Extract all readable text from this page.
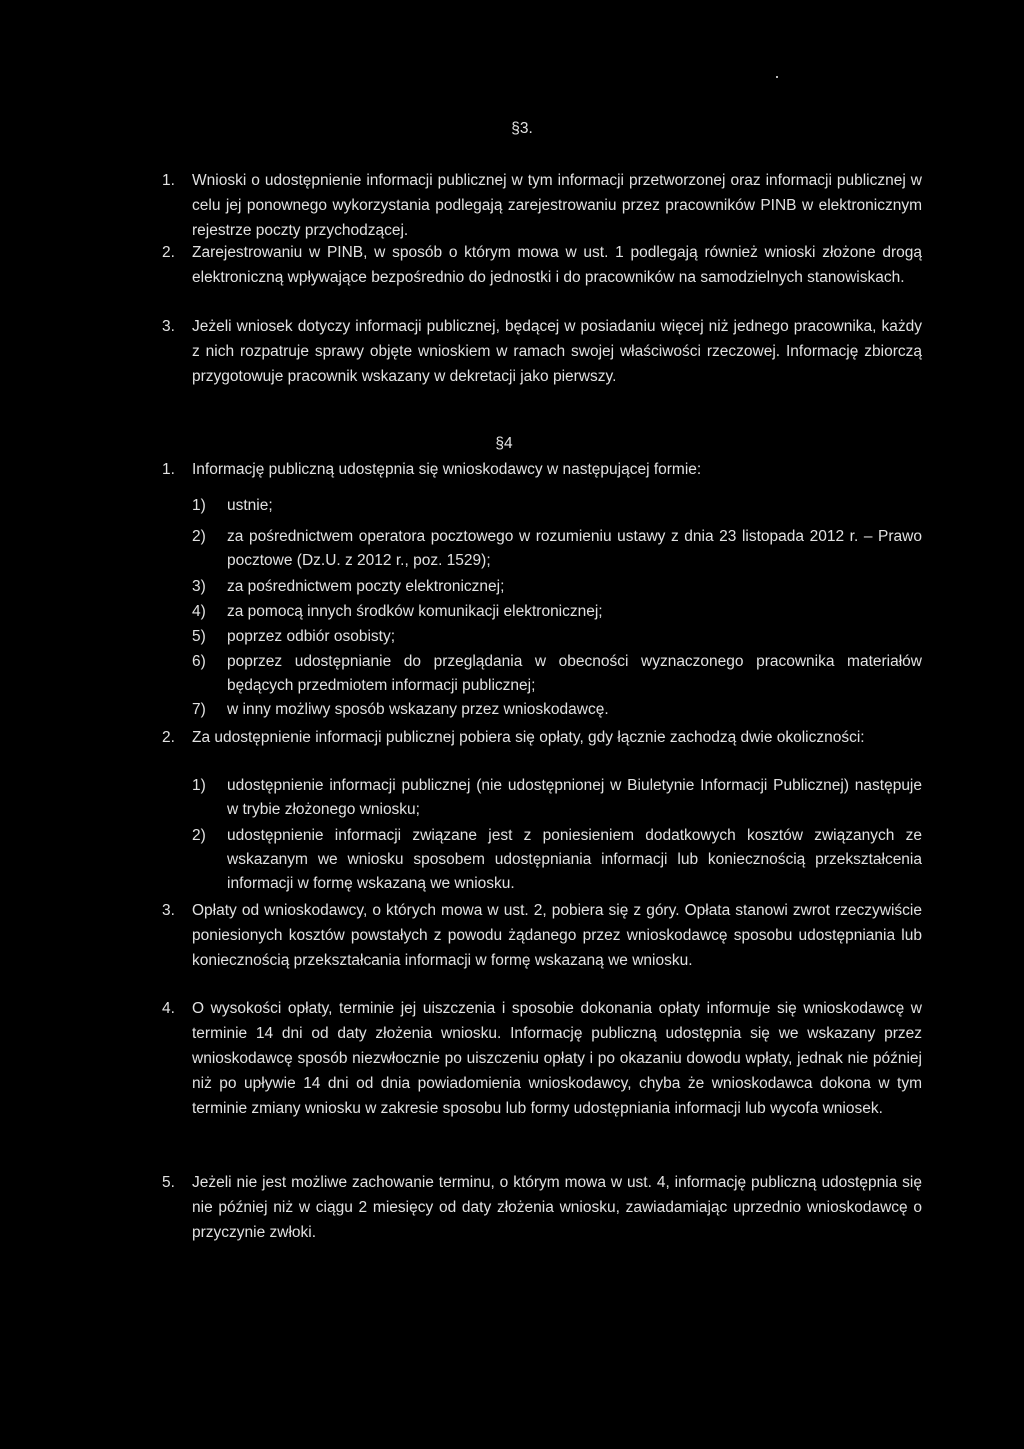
§3.
1. Wnioski o udostępnienie informacji publicznej w tym informacji przetworzonej oraz informacji publicznej w celu jej ponownego wykorzystania podlegają zarejestrowaniu przez pracowników PINB w elektronicznym rejestrze poczty przychodzącej.
2. Zarejestrowaniu w PINB, w sposób o którym mowa w ust. 1 podlegają również wnioski złożone drogą elektroniczną wpływające bezpośrednio do jednostki i do pracowników na samodzielnych stanowiskach.
3. Jeżeli wniosek dotyczy informacji publicznej, będącej w posiadaniu więcej niż jednego pracownika, każdy z nich rozpatruje sprawy objęte wnioskiem w ramach swojej właściwości rzeczowej. Informację zbiorczą przygotowuje pracownik wskazany w dekretacji jako pierwszy.
§4
1. Informację publiczną udostępnia się wnioskodawcy w następującej formie:
1) ustnie;
2) za pośrednictwem operatora pocztowego w rozumieniu ustawy z dnia 23 listopada 2012 r. – Prawo pocztowe (Dz.U. z 2012 r., poz. 1529);
3) za pośrednictwem poczty elektronicznej;
4) za pomocą innych środków komunikacji elektronicznej;
5) poprzez odbiór osobisty;
6) poprzez udostępnianie do przeglądania w obecności wyznaczonego pracownika materiałów będących przedmiotem informacji publicznej;
7) w inny możliwy sposób wskazany przez wnioskodawcę.
2. Za udostępnienie informacji publicznej pobiera się opłaty, gdy łącznie zachodzą dwie okoliczności:
1) udostępnienie informacji publicznej (nie udostępnionej w Biuletynie Informacji Publicznej) następuje w trybie złożonego wniosku;
2) udostępnienie informacji związane jest z poniesieniem dodatkowych kosztów związanych ze wskazanym we wniosku sposobem udostępniania informacji lub koniecznością przekształcenia informacji w formę wskazaną we wniosku.
3. Opłaty od wnioskodawcy, o których mowa w ust. 2, pobiera się z góry. Opłata stanowi zwrot rzeczywiście poniesionych kosztów powstałych z powodu żądanego przez wnioskodawcę sposobu udostępniania lub koniecznością przekształcania informacji w formę wskazaną we wniosku.
4. O wysokości opłaty, terminie jej uiszczenia i sposobie dokonania opłaty informuje się wnioskodawcę w terminie 14 dni od daty złożenia wniosku. Informację publiczną udostępnia się we wskazany przez wnioskodawcę sposób niezwłocznie po uiszczeniu opłaty i po okazaniu dowodu wpłaty, jednak nie później niż po upływie 14 dni od dnia powiadomienia wnioskodawcy, chyba że wnioskodawca dokona w tym terminie zmiany wniosku w zakresie sposobu lub formy udostępniania informacji lub wycofa wniosek.
5. Jeżeli nie jest możliwe zachowanie terminu, o którym mowa w ust. 4, informację publiczną udostępnia się nie później niż w ciągu 2 miesięcy od daty złożenia wniosku, zawiadamiając uprzednio wnioskodawcę o przyczynie zwłoki.
